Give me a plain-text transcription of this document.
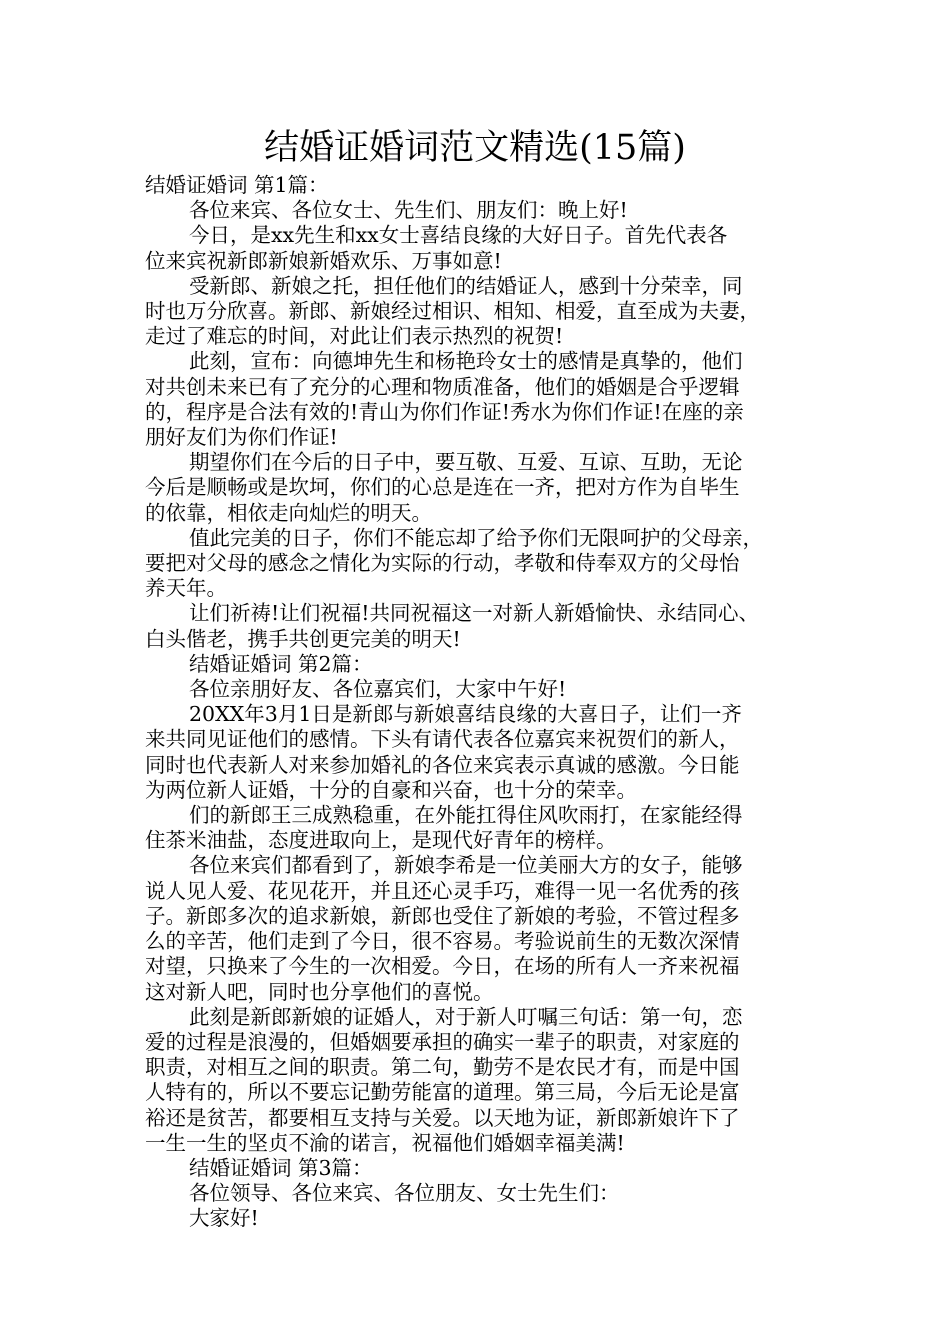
结婚证婚词范文精选(15篇)
结婚证婚词 第1篇：
各位来宾、各位女士、先生们、朋友们：晚上好!
今日，是xx先生和xx女士喜结良缘的大好日子。首先代表各
位来宾祝新郎新娘新婚欢乐、万事如意!
受新郎、新娘之托，担任他们的结婚证人，感到十分荣幸，同
时也万分欣喜。新郎、新娘经过相识、相知、相爱，直至成为夫妻，
走过了难忘的时间，对此让们表示热烈的祝贺!
此刻，宣布：向德坤先生和杨艳玲女士的感情是真挚的，他们
对共创未来已有了充分的心理和物质准备，他们的婚姻是合乎逻辑
的，程序是合法有效的!青山为你们作证!秀水为你们作证!在座的亲
朋好友们为你们作证!
期望你们在今后的日子中，要互敬、互爱、互谅、互助，无论
今后是顺畅或是坎坷，你们的心总是连在一齐，把对方作为自毕生
的依靠，相依走向灿烂的明天。
值此完美的日子，你们不能忘却了给予你们无限呵护的父母亲，
要把对父母的感念之情化为实际的行动，孝敬和侍奉双方的父母怡
养天年。
让们祈祷!让们祝福!共同祝福这一对新人新婚愉快、永结同心、
白头偕老，携手共创更完美的明天!
结婚证婚词 第2篇：
各位亲朋好友、各位嘉宾们，大家中午好!
20XX年3月1日是新郎与新娘喜结良缘的大喜日子，让们一齐
来共同见证他们的感情。下头有请代表各位嘉宾来祝贺们的新人，
同时也代表新人对来参加婚礼的各位来宾表示真诚的感激。今日能
为两位新人证婚，十分的自豪和兴奋，也十分的荣幸。
们的新郎王三成熟稳重，在外能扛得住风吹雨打，在家能经得
住茶米油盐，态度进取向上，是现代好青年的榜样。
各位来宾们都看到了，新娘李希是一位美丽大方的女子，能够
说人见人爱、花见花开，并且还心灵手巧，难得一见一名优秀的孩
子。新郎多次的追求新娘，新郎也受住了新娘的考验，不管过程多
么的辛苦，他们走到了今日，很不容易。考验说前生的无数次深情
对望，只换来了今生的一次相爱。今日，在场的所有人一齐来祝福
这对新人吧，同时也分享他们的喜悦。
此刻是新郎新娘的证婚人，对于新人叮嘱三句话：第一句，恋
爱的过程是浪漫的，但婚姻要承担的确实一辈子的职责，对家庭的
职责，对相互之间的职责。第二句，勤劳不是农民才有，而是中国
人特有的，所以不要忘记勤劳能富的道理。第三局，今后无论是富
裕还是贫苦，都要相互支持与关爱。以天地为证，新郎新娘许下了
一生一生的坚贞不渝的诺言，祝福他们婚姻幸福美满!
结婚证婚词 第3篇：
各位领导、各位来宾、各位朋友、女士先生们：
大家好!
